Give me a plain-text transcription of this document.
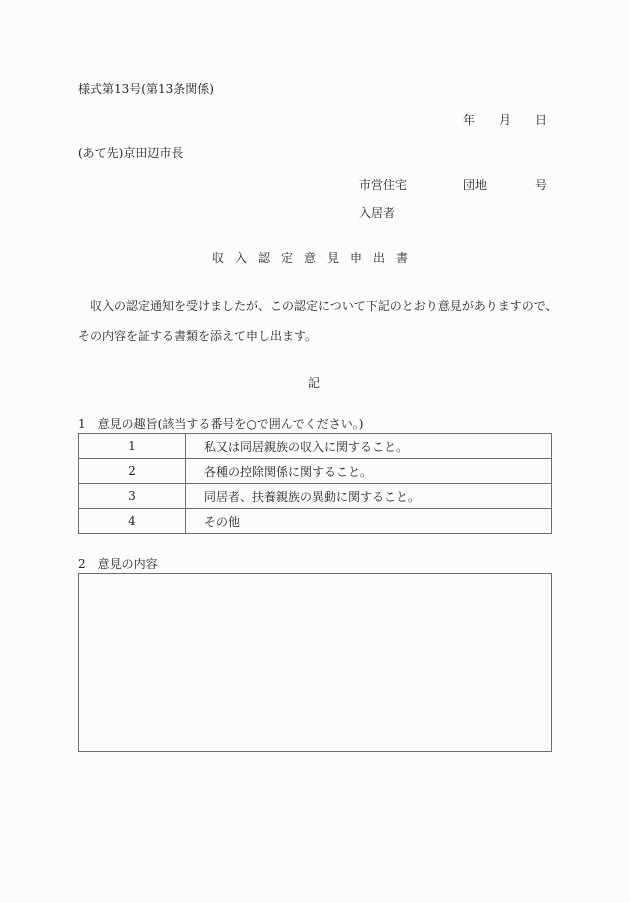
様式第13号(第13条関係)
年 月 日
(あて先)京田辺市長
市営住宅	団地	号
入居者
収入認定意見申出書
収入の認定通知を受けましたが、この認定について下記のとおり意見がありますので、
その内容を証する書類を添えて申し出ます。
記
1　意見の趣旨(該当する番号を○で囲んでください。)
1	私又は同居親族の収入に関すること。
2	各種の控除関係に関すること。
3	同居者、扶養親族の異動に関すること。
4	その他
2　意見の内容
